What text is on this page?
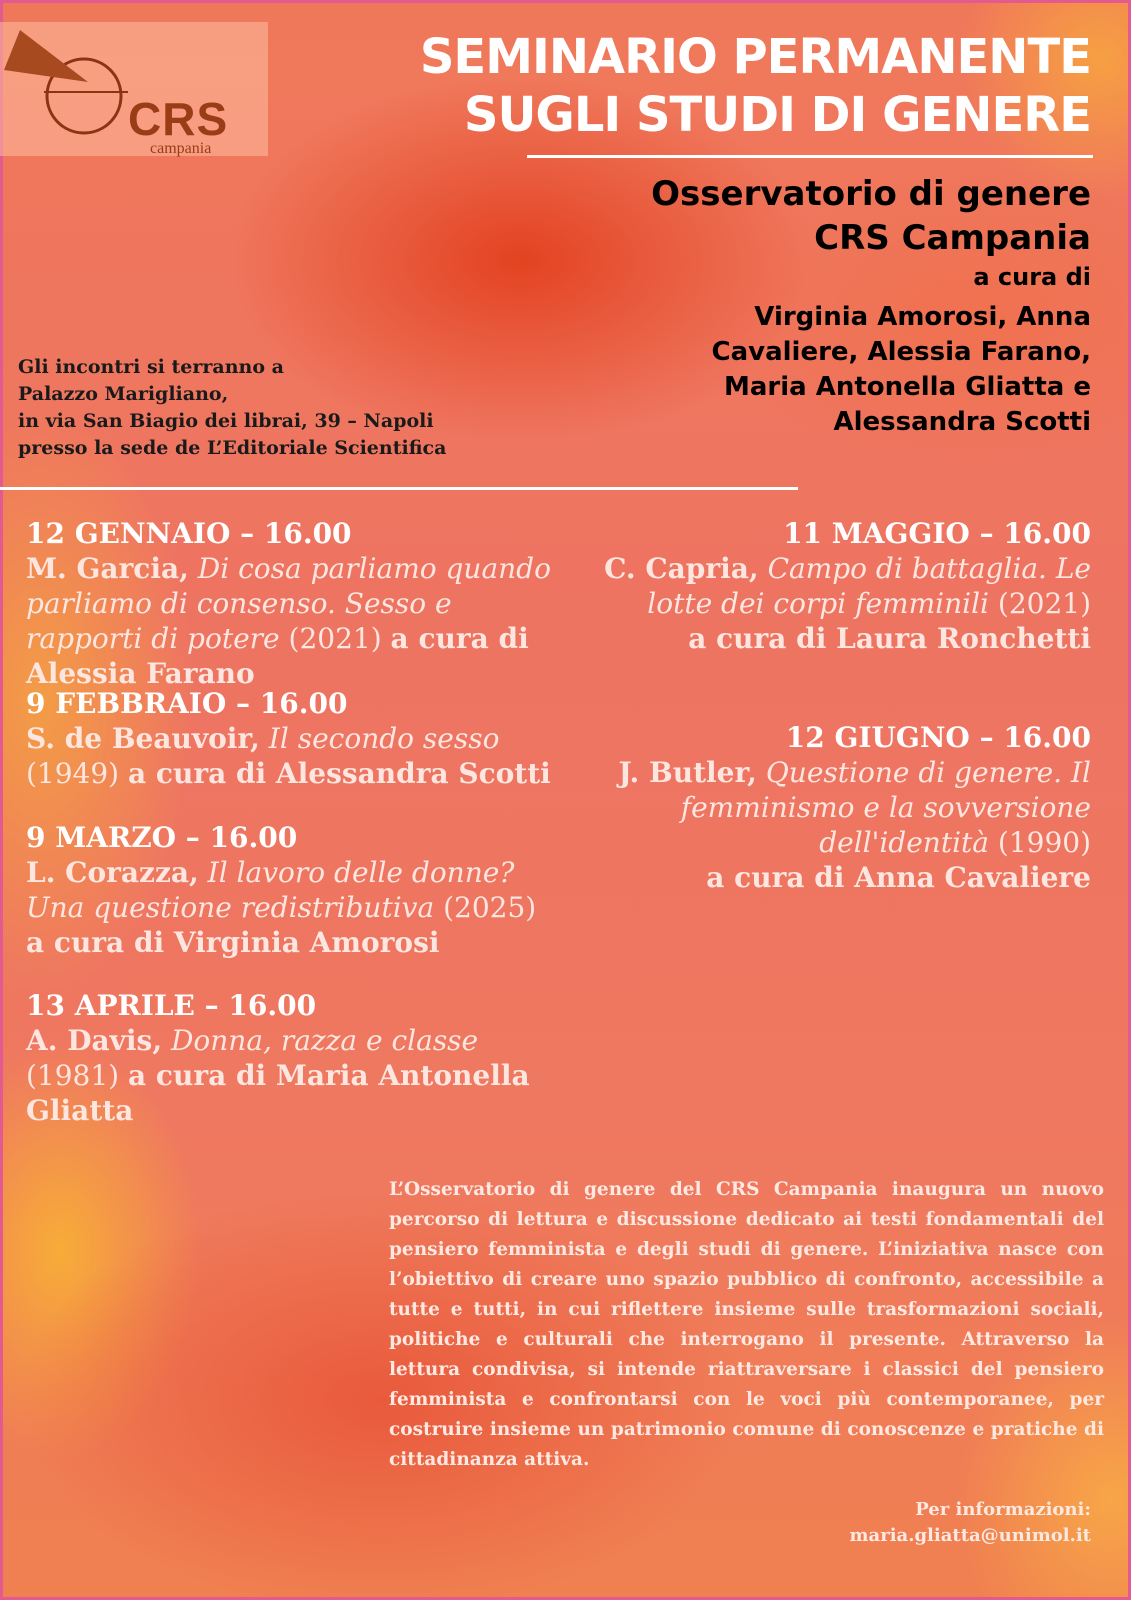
CRS
campania
SEMINARIO PERMANENTE
SUGLI STUDI DI GENERE
Osservatorio di genere
CRS Campania
a cura di
Virginia Amorosi, Anna
Cavaliere, Alessia Farano,
Maria Antonella Gliatta e
Alessandra Scotti
Gli incontri si terranno a
Palazzo Marigliano,
in via San Biagio dei librai, 39 – Napoli
presso la sede de L’Editoriale Scientifica
12 GENNAIO – 16.00
M. Garcia, Di cosa parliamo quando parliamo di consenso. Sesso e rapporti di potere (2021) a cura di Alessia Farano
9 FEBBRAIO – 16.00
S. de Beauvoir, Il secondo sesso (1949) a cura di Alessandra Scotti
9 MARZO – 16.00
L. Corazza, Il lavoro delle donne? Una questione redistributiva (2025) a cura di Virginia Amorosi
13 APRILE – 16.00
A. Davis, Donna, razza e classe (1981) a cura di Maria Antonella Gliatta
11 MAGGIO – 16.00
C. Capria, Campo di battaglia. Le lotte dei corpi femminili (2021)
a cura di Laura Ronchetti
12 GIUGNO – 16.00
J. Butler, Questione di genere. Il femminismo e la sovversione dell'identità (1990)
a cura di Anna Cavaliere
L’Osservatorio di genere del CRS Campania inaugura un nuovo percorso di lettura e discussione dedicato ai testi fondamentali del pensiero femminista e degli studi di genere. L’iniziativa nasce con l’obiettivo di creare uno spazio pubblico di confronto, accessibile a tutte e tutti, in cui riflettere insieme sulle trasformazioni sociali, politiche e culturali che interrogano il presente. Attraverso la lettura condivisa, si intende riattraversare i classici del pensiero femminista e confrontarsi con le voci più contemporanee, per costruire insieme un patrimonio comune di conoscenze e pratiche di cittadinanza attiva.
Per informazioni:
maria.gliatta@unimol.it
